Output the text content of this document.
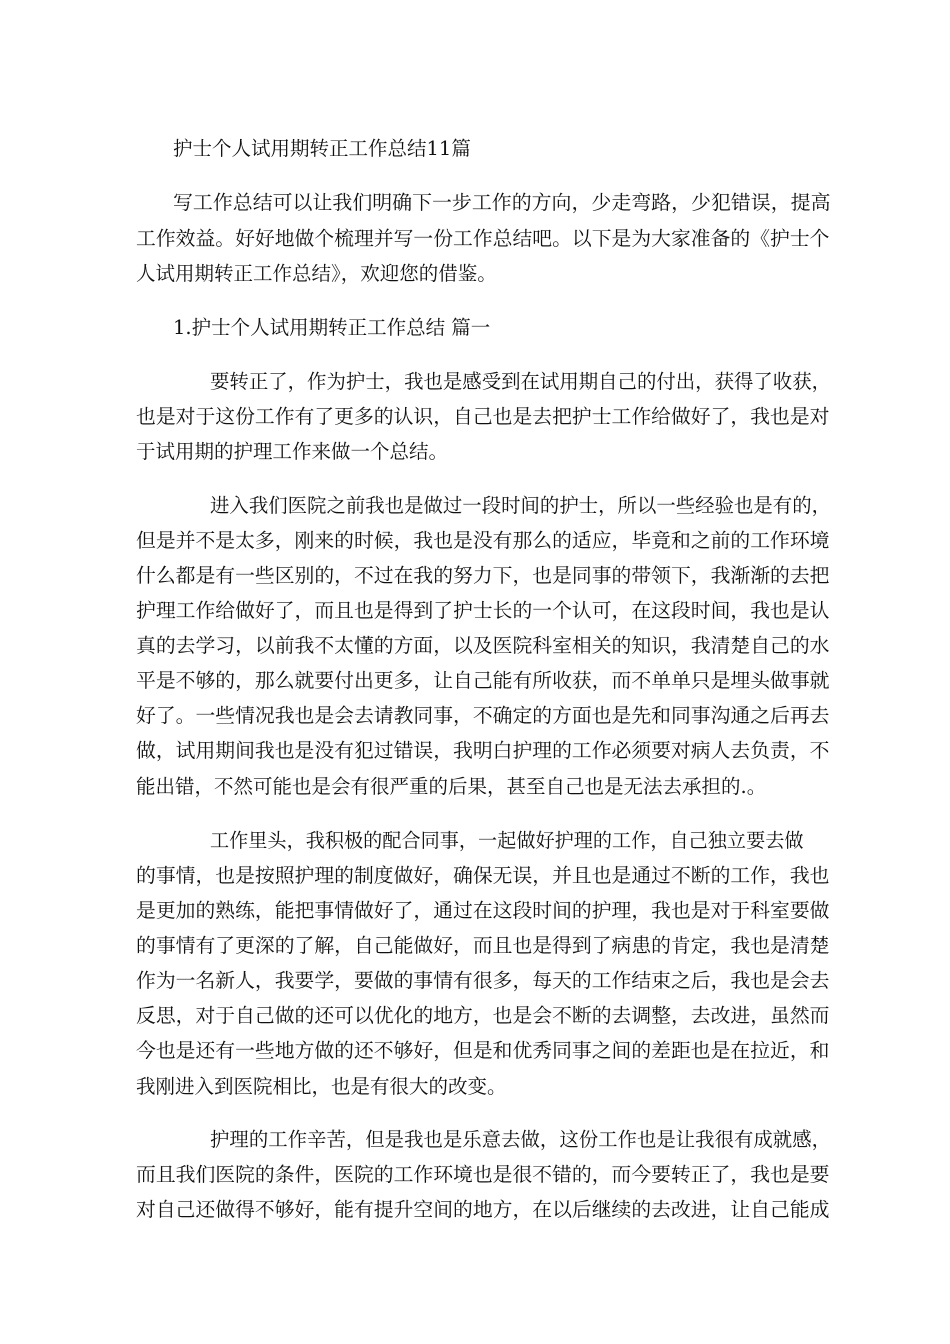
护士个人试用期转正工作总结11篇
写工作总结可以让我们明确下一步工作的方向，少走弯路，少犯错误，提高
工作效益。好好地做个梳理并写一份工作总结吧。以下是为大家准备的《护士个
人试用期转正工作总结》，欢迎您的借鉴。
1.护士个人试用期转正工作总结 篇一
要转正了，作为护士，我也是感受到在试用期自己的付出，获得了收获，
也是对于这份工作有了更多的认识，自己也是去把护士工作给做好了，我也是对
于试用期的护理工作来做一个总结。
进入我们医院之前我也是做过一段时间的护士，所以一些经验也是有的，
但是并不是太多，刚来的时候，我也是没有那么的适应，毕竟和之前的工作环境
什么都是有一些区别的，不过在我的努力下，也是同事的带领下，我渐渐的去把
护理工作给做好了，而且也是得到了护士长的一个认可，在这段时间，我也是认
真的去学习，以前我不太懂的方面，以及医院科室相关的知识，我清楚自己的水
平是不够的，那么就要付出更多，让自己能有所收获，而不单单只是埋头做事就
好了。一些情况我也是会去请教同事，不确定的方面也是先和同事沟通之后再去
做，试用期间我也是没有犯过错误，我明白护理的工作必须要对病人去负责，不
能出错，不然可能也是会有很严重的后果，甚至自己也是无法去承担的.。
工作里头，我积极的配合同事，一起做好护理的工作，自己独立要去做
的事情，也是按照护理的制度做好，确保无误，并且也是通过不断的工作，我也
是更加的熟练，能把事情做好了，通过在这段时间的护理，我也是对于科室要做
的事情有了更深的了解，自己能做好，而且也是得到了病患的肯定，我也是清楚
作为一名新人，我要学，要做的事情有很多，每天的工作结束之后，我也是会去
反思，对于自己做的还可以优化的地方，也是会不断的去调整，去改进，虽然而
今也是还有一些地方做的还不够好，但是和优秀同事之间的差距也是在拉近，和
我刚进入到医院相比，也是有很大的改变。
护理的工作辛苦，但是我也是乐意去做，这份工作也是让我很有成就感，
而且我们医院的条件，医院的工作环境也是很不错的，而今要转正了，我也是要
对自己还做得不够好，能有提升空间的地方，在以后继续的去改进，让自己能成
